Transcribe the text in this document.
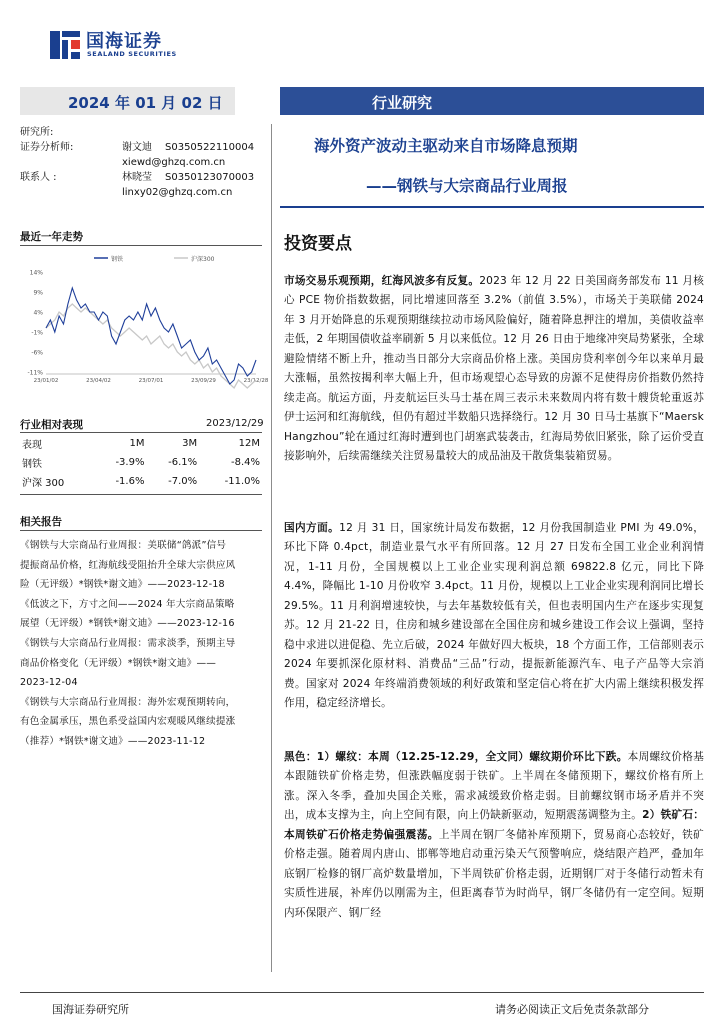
国海证券
SEALAND SECURITIES
2024 年 01 月 02 日	行业研究
研究所:
证券分析师:	谢文迪 S0350522110004
xiewd@ghzq.com.cn
联系人 :	林晓莹 S0350123070003
linxy02@ghzq.com.cn
海外资产波动主驱动来自市场降息预期
——钢铁与大宗商品行业周报
最近一年走势
钢铁	沪深300
14%
9%
4%
-1%
-6%
-11%
23/01/02	23/04/02	23/07/01	23/09/29	23/12/28
行业相对表现	2023/12/29
表现	1M	3M	12M
钢铁	-3.9%	-6.1%	-8.4%
沪深 300	-1.6%	-7.0%	-11.0%
相关报告

《钢铁与大宗商品行业周报：美联储“鸽派”信号
提振商品价格，红海航线受阻抬升全球大宗供应风
险（无评级）*钢铁*谢文迪》——2023-12-18

《低波之下，方寸之间——2024 年大宗商品策略
展望（无评级）*钢铁*谢文迪》——2023-12-16

《钢铁与大宗商品行业周报：需求淡季，预期主导
商品价格变化（无评级）*钢铁*谢文迪》——
2023-12-04

《钢铁与大宗商品行业周报：海外宏观预期转向，
有色金属承压，黑色系受益国内宏观暖风继续提涨
（推荐）*钢铁*谢文迪》——2023-11-12

投资要点
市场交易乐观预期，红海风波多有反复。2023 年 12 月 22 日美国商务部发布 11 月核心 PCE 物价指数数据，同比增速回落至 3.2%（前值 3.5%），市场关于美联储 2024 年 3 月开始降息的乐观预期继续拉动市场风险偏好，随着降息押注的增加，美债收益率走低，2 年期国债收益率刷新 5 月以来低位。12 月 26 日由于地缘冲突局势紧张，全球避险情绪不断上升，推动当日部分大宗商品价格上涨。美国房贷利率创今年以来单月最大涨幅，虽然按揭利率大幅上升，但市场观望心态导致的房源不足使得房价指数仍然持续走高。航运方面，丹麦航运巨头马士基在周三表示未来数周内将有数十艘货轮重返苏伊士运河和红海航线，但仍有超过半数船只选择绕行。12 月 30 日马士基旗下“Maersk Hangzhou”轮在通过红海时遭到也门胡塞武装袭击，红海局势依旧紧张，除了运价受直接影响外，后续需继续关注贸易量较大的成品油及干散货集装箱贸易。
国内方面。12 月 31 日，国家统计局发布数据，12 月份我国制造业 PMI 为 49.0%，环比下降 0.4pct，制造业景气水平有所回落。12 月 27 日发布全国工业企业利润情况，1-11 月份，全国规模以上工业企业实现利润总额 69822.8 亿元，同比下降 4.4%，降幅比 1-10 月份收窄 3.4pct。11 月份，规模以上工业企业实现利润同比增长 29.5%。11 月利润增速较快，与去年基数较低有关，但也表明国内生产在逐步实现复苏。12 月 21-22 日，住房和城乡建设部在全国住房和城乡建设工作会议上强调，坚持稳中求进以进促稳、先立后破，2024 年做好四大板块，18 个方面工作，工信部则表示 2024 年要抓深化原材料、消费品“三品”行动，提振新能源汽车、电子产品等大宗消费。国家对 2024 年终端消费领域的利好政策和坚定信心将在扩大内需上继续积极发挥作用，稳定经济增长。
黑色：1）螺纹：本周（12.25-12.29，全文同）螺纹期价环比下跌。本周螺纹价格基本跟随铁矿价格走势，但涨跌幅度弱于铁矿。上半周在冬储预期下，螺纹价格有所上涨。深入冬季，叠加央国企关账，需求减缓致价格走弱。目前螺纹钢市场矛盾并不突出，成本支撑为主，向上空间有限，向上仍缺新驱动，短期震荡调整为主。2）铁矿石：本周铁矿石价格走势偏强震荡。上半周在钢厂冬储补库预期下，贸易商心态较好，铁矿价格走强。随着周内唐山、邯郸等地启动重污染天气预警响应，烧结限产趋严，叠加年底钢厂检修的钢厂高炉数量增加，下半周铁矿价格走弱，近期钢厂对于冬储行动暂未有实质性进展，补库仍以刚需为主，但距离春节为时尚早，钢厂冬储仍有一定空间。短期内环保限产、钢厂经
国海证券研究所	请务必阅读正文后免责条款部分
